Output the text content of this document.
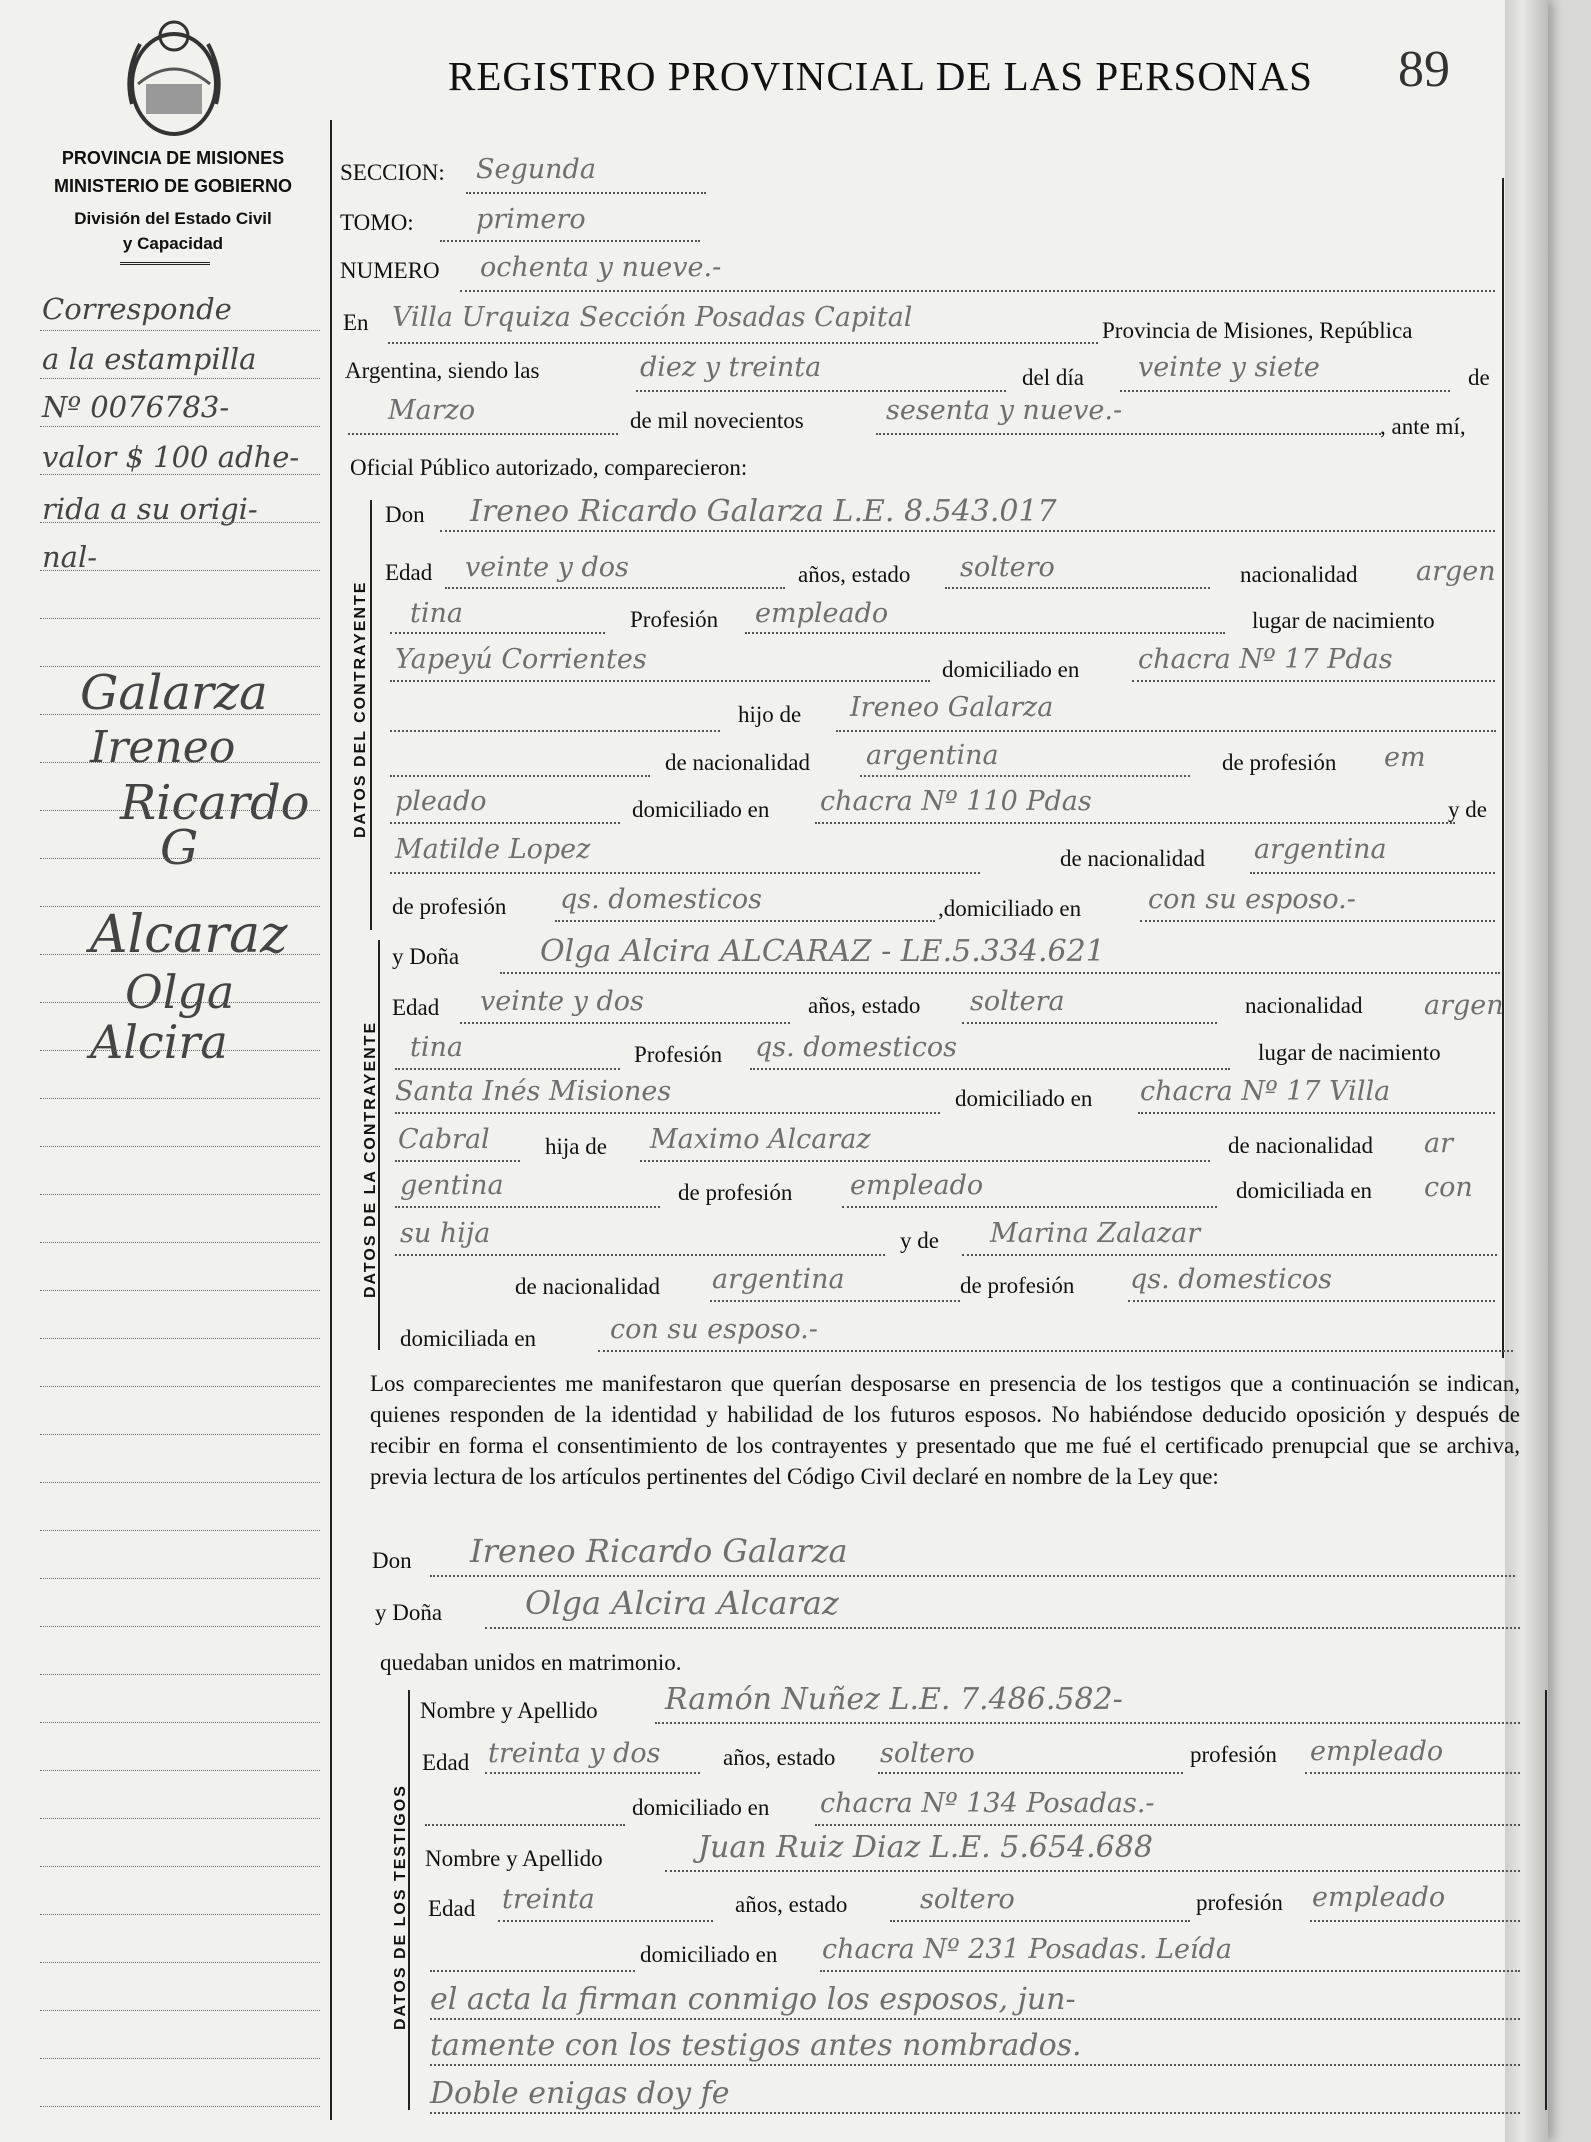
REGISTRO PROVINCIAL DE LAS PERSONAS 89
PROVINCIA DE MISIONES
MINISTERIO DE GOBIERNO
División del Estado Civil
y Capacidad
Corresponde
a la estampilla
Nº 0076783-
valor $ 100 adhe-
rida a su origi-
nal-
Galarza
Ireneo
Ricardo
G
Alcaraz
Olga
Alcira
SECCION: Segunda
TOMO: primero
NUMERO ochenta y nueve.-
En Villa Urquiza Sección Posadas Capital	Provincia de Misiones, República
Argentina, siendo las	diez y treinta	del día veinte y siete	de
Marzo	de mil novecientos	sesenta y nueve.-
, ante mí,
Oficial Público autorizado, comparecieron:
DATOS DEL CONTRAYENTE
Don Ireneo Ricardo Galarza L.E. 8.543.017
Edad veinte y dos	años, estado soltero	nacionalidad argen
tina	Profesión empleado	lugar de nacimiento
Yapeyú Corrientes	domiciliado en chacra Nº 17 Pdas
hijo de Ireneo Galarza
de nacionalidad argentina	de profesión em
pleado	domiciliado en chacra Nº 110 Pdas	y de
Matilde Lopez	de nacionalidad argentina
de profesión qs. domesticos	,domiciliado en con su esposo.-
DATOS DE LA CONTRAYENTE
y Doña	Olga Alcira ALCARAZ - LE.5.334.621
Edad veinte y dos	años, estado soltera	nacionalidad argen
tina	Profesión qs. domesticos	lugar de nacimiento
Santa Inés Misiones	domiciliado en chacra Nº 17 Villa
Cabral hija de Maximo Alcaraz	de nacionalidad ar
gentina	de profesión empleado	domiciliada en con
su hija	y de Marina Zalazar
de nacionalidad argentina	de profesión qs. domesticos
domiciliada en	con su esposo.-
Los comparecientes me manifestaron que querían desposarse en presencia de los testigos que a continuación se indican, quienes responden de la identidad y habilidad de los futuros esposos. No habiéndose deducido oposición y después de recibir en forma el consentimiento de los contrayentes y presentado que me fué el certificado prenupcial que se archiva, previa lectura de los artículos pertinentes del Código Civil declaré en nombre de la Ley que:
Don Ireneo Ricardo Galarza
y Doña	Olga Alcira Alcaraz
quedaban unidos en matrimonio.
DATOS DE LOS TESTIGOS
Nombre y Apellido Ramón Nuñez L.E. 7.486.582-
Edad treinta y dos	años, estado soltero	profesión empleado
domiciliado en chacra Nº 134 Posadas.-
Nombre y Apellido	Juan Ruiz Diaz L.E. 5.654.688
Edad treinta	años, estado	soltero	profesión empleado
domiciliado en chacra Nº 231 Posadas. Leída
el acta la firman conmigo los esposos, jun-
tamente con los testigos antes nombrados.
Doble enigas doy fe
